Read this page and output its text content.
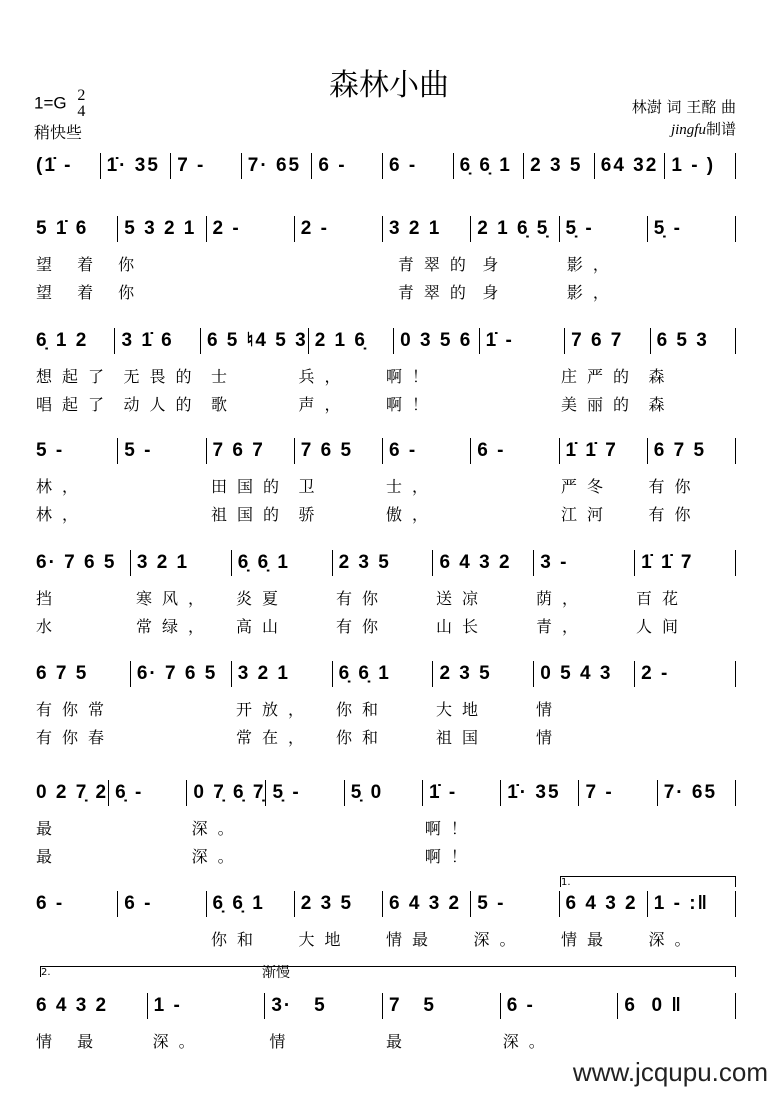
森林小曲
1=G 2
4
稍快些
林澍 词 王酩 曲
jingfu制谱
(1̇ -	1̇· 35 7 -	7· 65 6 -	6 -	6̣ 6̣ 1 2 3 5 64 32 1 - )
5 1̇ 6	5 3 2 1 2 -	2 -	3 2 1	2 1 6̣ 5̣ 5̣ -	5̣ -
望 着 你	青翠的 身	影，
望 着 你	青翠的 身	影，
6̣ 1 2	3 1̇ 6	6 5 ♮4 5 3 2 1 6̣	0 3 5 6 1̇ -	7 6 7	6 5 3
想起了 无畏的 士	兵，	啊！	庄严的 森
唱起了 动人的 歌	声，	啊！	美丽的 森
5 -	5 -	7 6 7	7 6 5	6 -	6 -	1̇ 1̇ 7	6 7 5
林，	田国的 卫	士，	严冬	有你
林，	祖国的 骄	傲，	江河	有你
6· 7 6 5	3 2 1	6̣ 6̣ 1	2 3 5	6 4 3 2	3 -	1̇ 1̇ 7
挡	寒风，	炎夏	有你	送凉	荫，	百花
水	常绿，	高山	有你	山长	青，	人间
6 7 5	6· 7 6 5	3 2 1	6̣ 6̣ 1	2 3 5	0 5 4 3	2 -
有你常	开放，	你和	大地	情
有你春	常在，	你和	祖国	情
0 2 7̣ 2 6̣ -	0 7̣ 6̣ 7̣ 5̣ -	5̣ 0	1̇ -	1̇· 35	7 -	7· 65
最	深。	啊！
最	深。	啊！
6 -	6 -	6̣ 6̣ 1	2 3 5	6 4 3 2 5 -	6 4 3 2 1 - :‖
你和	大地	情最	深。	情最	深。
6 4 3 2	1 -	3·   5	7   5	6 -	6  0 ‖
情 最	深。	情	最	深。
1.
2.	渐慢
www.jcqupu.com
